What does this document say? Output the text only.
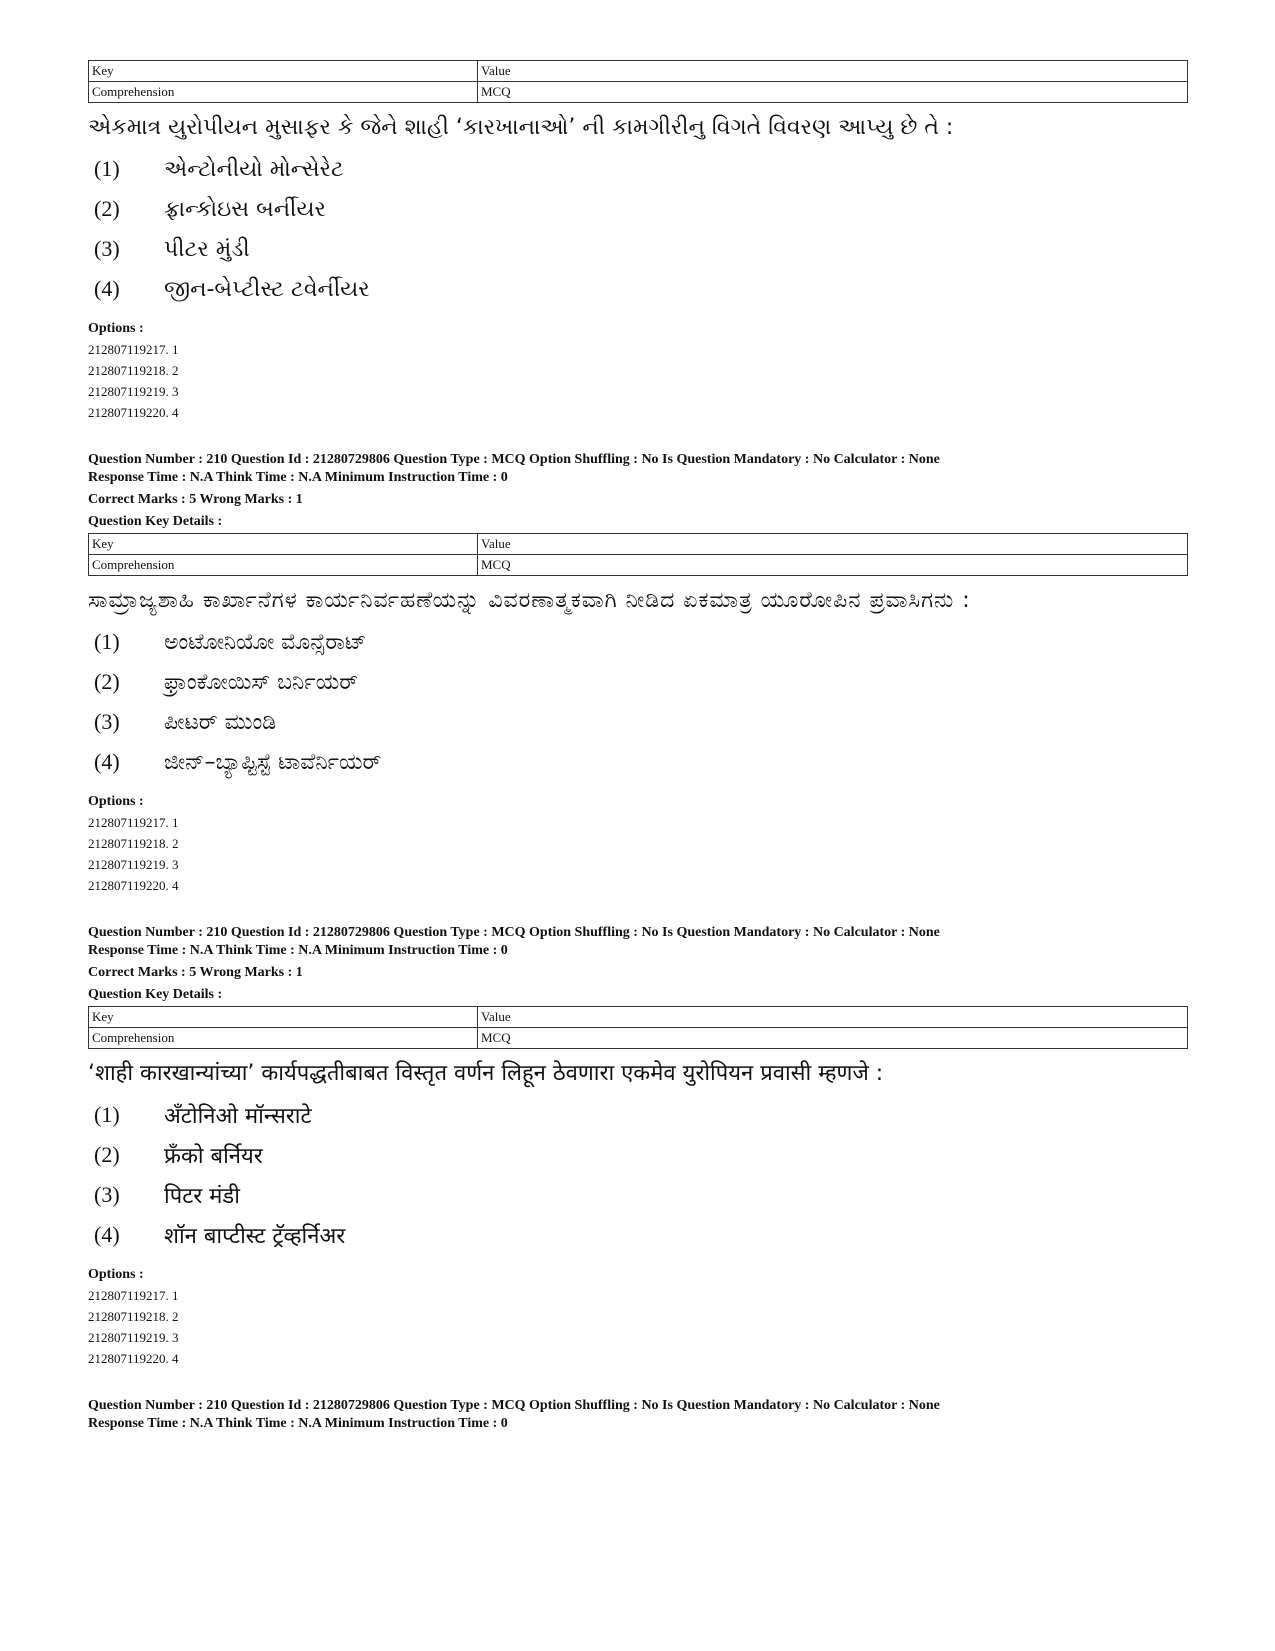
Key	Value
Comprehension	MCQ
એકમાત્ર યુરોપીયન મુસાફર કે જેને શાહી ‘કારખાનાઓ’ ની કામગીરીનુ વિગતે વિવરણ આપ્યુ છે તે :
(1)	એન્ટોનીયો મોન્સેરેટ
(2)	ફ્રાન્કોઇસ બર્નીયર
(3)	પીટર મુંડી
(4)	જીન-બેપ્ટીસ્ટ ટવેર્નીયર
Options :
212807119217. 1
212807119218. 2
212807119219. 3
212807119220. 4
Question Number : 210 Question Id : 21280729806 Question Type : MCQ Option Shuffling : No Is Question Mandatory : No Calculator : None
Response Time : N.A Think Time : N.A Minimum Instruction Time : 0
Correct Marks : 5 Wrong Marks : 1
Question Key Details :
Key	Value
Comprehension	MCQ
ಸಾಮ್ರಾಜ್ಯಶಾಹಿ ಕಾರ್ಖಾನೆಗಳ ಕಾರ್ಯನಿರ್ವಹಣೆಯನ್ನು ವಿವರಣಾತ್ಮಕವಾಗಿ ನೀಡಿದ ಏಕಮಾತ್ರ ಯೂರೋಪಿನ ಪ್ರವಾಸಿಗನು :
(1)	ಅಂಟೋನಿಯೋ ಮೊನ್ಸೆರಾಟ್
(2)	ಫ್ರಾಂಕೋಯಿಸ್ ಬರ್ನಿಯರ್
(3)	ಪೀಟರ್ ಮುಂಡಿ
(4)	ಜೀನ್–ಬ್ಯಾಪ್ಟಿಸ್ಟೆ ಟಾವೆರ್ನಿಯರ್
Options :
212807119217. 1
212807119218. 2
212807119219. 3
212807119220. 4
Question Number : 210 Question Id : 21280729806 Question Type : MCQ Option Shuffling : No Is Question Mandatory : No Calculator : None
Response Time : N.A Think Time : N.A Minimum Instruction Time : 0
Correct Marks : 5 Wrong Marks : 1
Question Key Details :
Key	Value
Comprehension	MCQ
‘शाही कारखान्यांच्या’ कार्यपद्धतीबाबत विस्तृत वर्णन लिहून ठेवणारा एकमेव युरोपियन प्रवासी म्हणजे :
(1)	अँटोनिओ मॉन्सराटे
(2)	फ्रँको बर्नियर
(3)	पिटर मंडी
(4)	शॉन बाप्टीस्ट ट्रॅव्हर्निअर
Options :
212807119217. 1
212807119218. 2
212807119219. 3
212807119220. 4
Question Number : 210 Question Id : 21280729806 Question Type : MCQ Option Shuffling : No Is Question Mandatory : No Calculator : None
Response Time : N.A Think Time : N.A Minimum Instruction Time : 0
